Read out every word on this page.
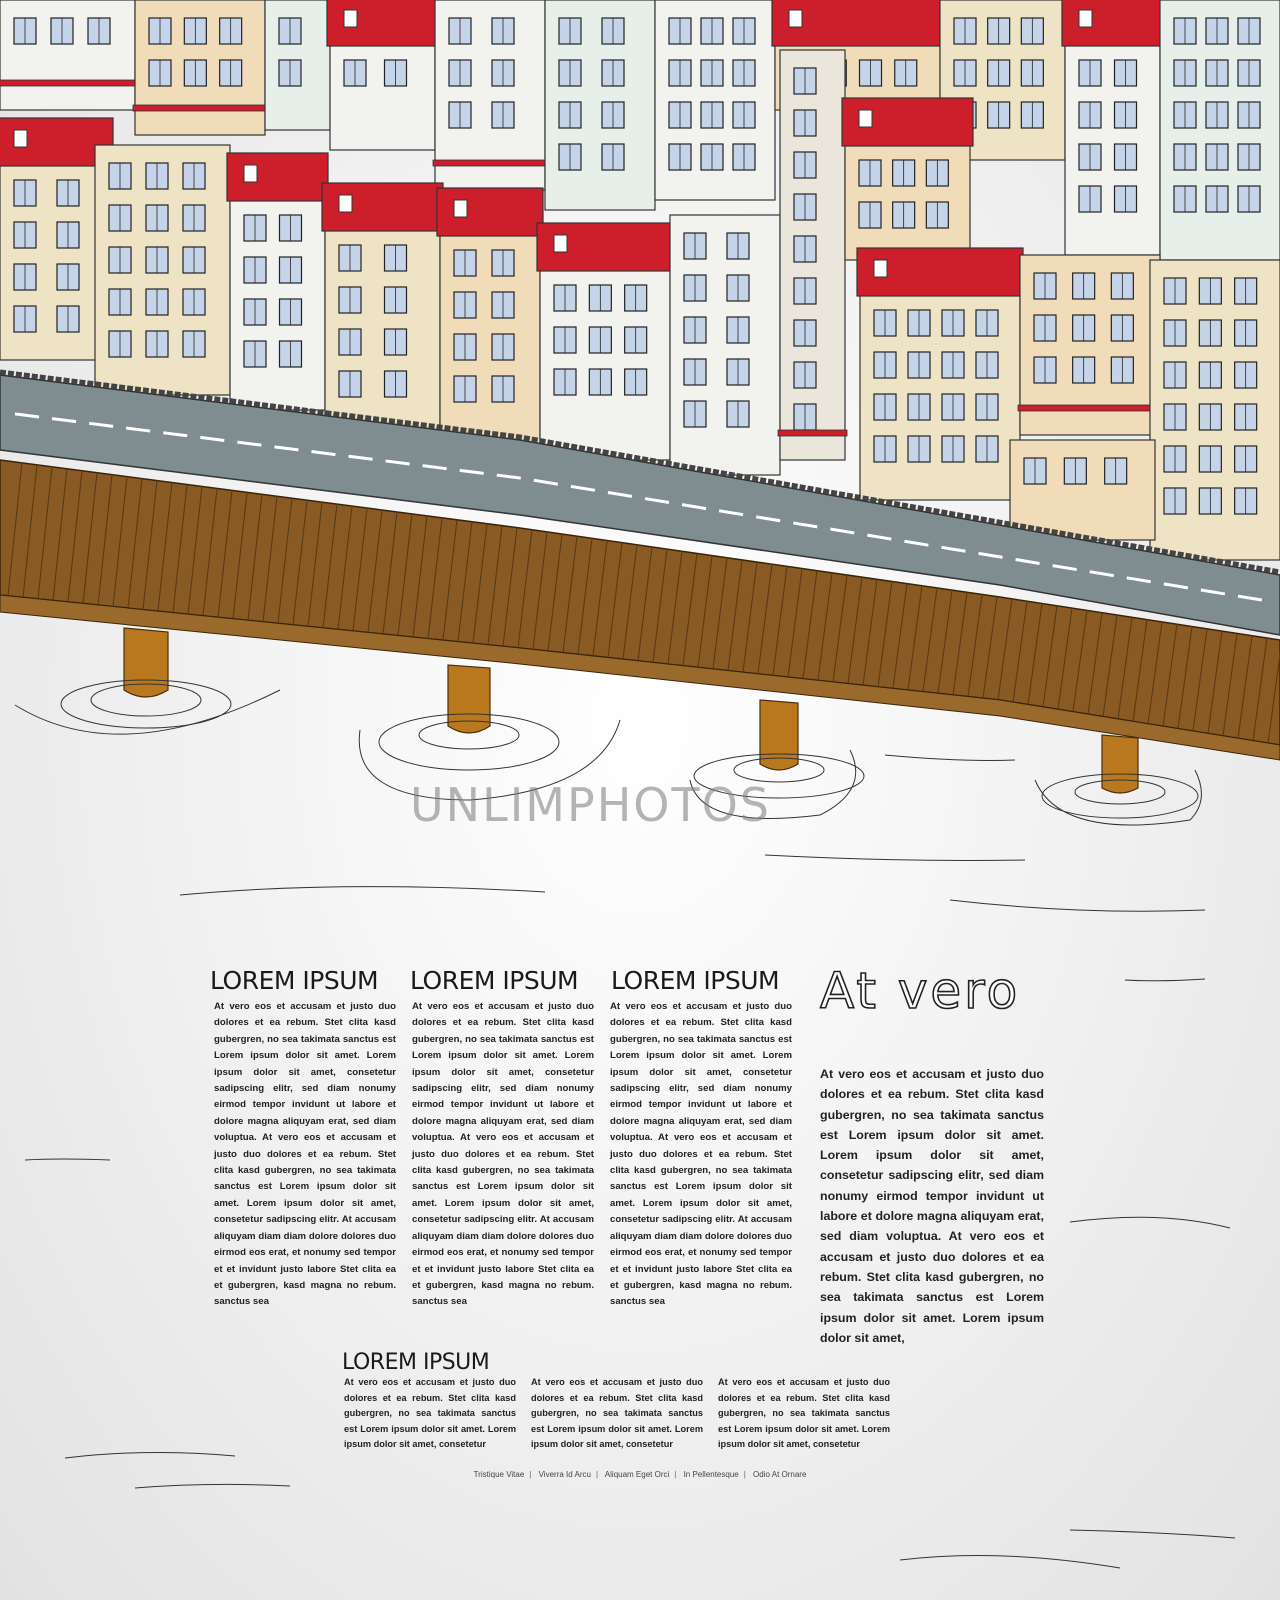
UNLIMPHOTOS
LOREM IPSUM

At vero eos et accusam et justo duo dolores et ea rebum. Stet clita kasd gubergren, no sea takimata sanctus est Lorem ipsum dolor sit amet. Lorem ipsum dolor sit amet, consetetur sadipscing elitr, sed diam nonumy eirmod tempor invidunt ut labore et dolore magna aliquyam erat, sed diam voluptua. At vero eos et accusam et justo duo dolores et ea rebum. Stet clita kasd gubergren, no sea takimata sanctus est Lorem ipsum dolor sit amet. Lorem ipsum dolor sit amet, consetetur sadipscing elitr. At accusam aliquyam diam diam dolore dolores duo eirmod eos erat, et nonumy sed tempor et et invidunt justo labore Stet clita ea et gubergren, kasd magna no rebum. sanctus sea

LOREM IPSUM

At vero eos et accusam et justo duo dolores et ea rebum. Stet clita kasd gubergren, no sea takimata sanctus est Lorem ipsum dolor sit amet. Lorem ipsum dolor sit amet, consetetur sadipscing elitr, sed diam nonumy eirmod tempor invidunt ut labore et dolore magna aliquyam erat, sed diam voluptua. At vero eos et accusam et justo duo dolores et ea rebum. Stet clita kasd gubergren, no sea takimata sanctus est Lorem ipsum dolor sit amet. Lorem ipsum dolor sit amet, consetetur sadipscing elitr. At accusam aliquyam diam diam dolore dolores duo eirmod eos erat, et nonumy sed tempor et et invidunt justo labore Stet clita ea et gubergren, kasd magna no rebum. sanctus sea

LOREM IPSUM

At vero eos et accusam et justo duo dolores et ea rebum. Stet clita kasd gubergren, no sea takimata sanctus est Lorem ipsum dolor sit amet. Lorem ipsum dolor sit amet, consetetur sadipscing elitr, sed diam nonumy eirmod tempor invidunt ut labore et dolore magna aliquyam erat, sed diam voluptua. At vero eos et accusam et justo duo dolores et ea rebum. Stet clita kasd gubergren, no sea takimata sanctus est Lorem ipsum dolor sit amet. Lorem ipsum dolor sit amet, consetetur sadipscing elitr. At accusam aliquyam diam diam dolore dolores duo eirmod eos erat, et nonumy sed tempor et et invidunt justo labore Stet clita ea et gubergren, kasd magna no rebum. sanctus sea

At vero

At vero eos et accusam et justo duo dolores et ea rebum. Stet clita kasd gubergren, no sea takimata sanctus est Lorem ipsum dolor sit amet. Lorem ipsum dolor sit amet, consetetur sadipscing elitr, sed diam nonumy eirmod tempor invidunt ut labore et dolore magna aliquyam erat, sed diam voluptua. At vero eos et accusam et justo duo dolores et ea rebum. Stet clita kasd gubergren, no sea takimata sanctus est Lorem ipsum dolor sit amet. Lorem ipsum dolor sit amet,

LOREM IPSUM

At vero eos et accusam et justo duo dolores et ea rebum. Stet clita kasd gubergren, no sea takimata sanctus est Lorem ipsum dolor sit amet. Lorem ipsum dolor sit amet, consetetur

At vero eos et accusam et justo duo dolores et ea rebum. Stet clita kasd gubergren, no sea takimata sanctus est Lorem ipsum dolor sit amet. Lorem ipsum dolor sit amet, consetetur

At vero eos et accusam et justo duo dolores et ea rebum. Stet clita kasd gubergren, no sea takimata sanctus est Lorem ipsum dolor sit amet. Lorem ipsum dolor sit amet, consetetur

Tristique Vitae | Viverra Id Arcu | Aliquam Eget Orci | In Pellentesque | Odio At Ornare
